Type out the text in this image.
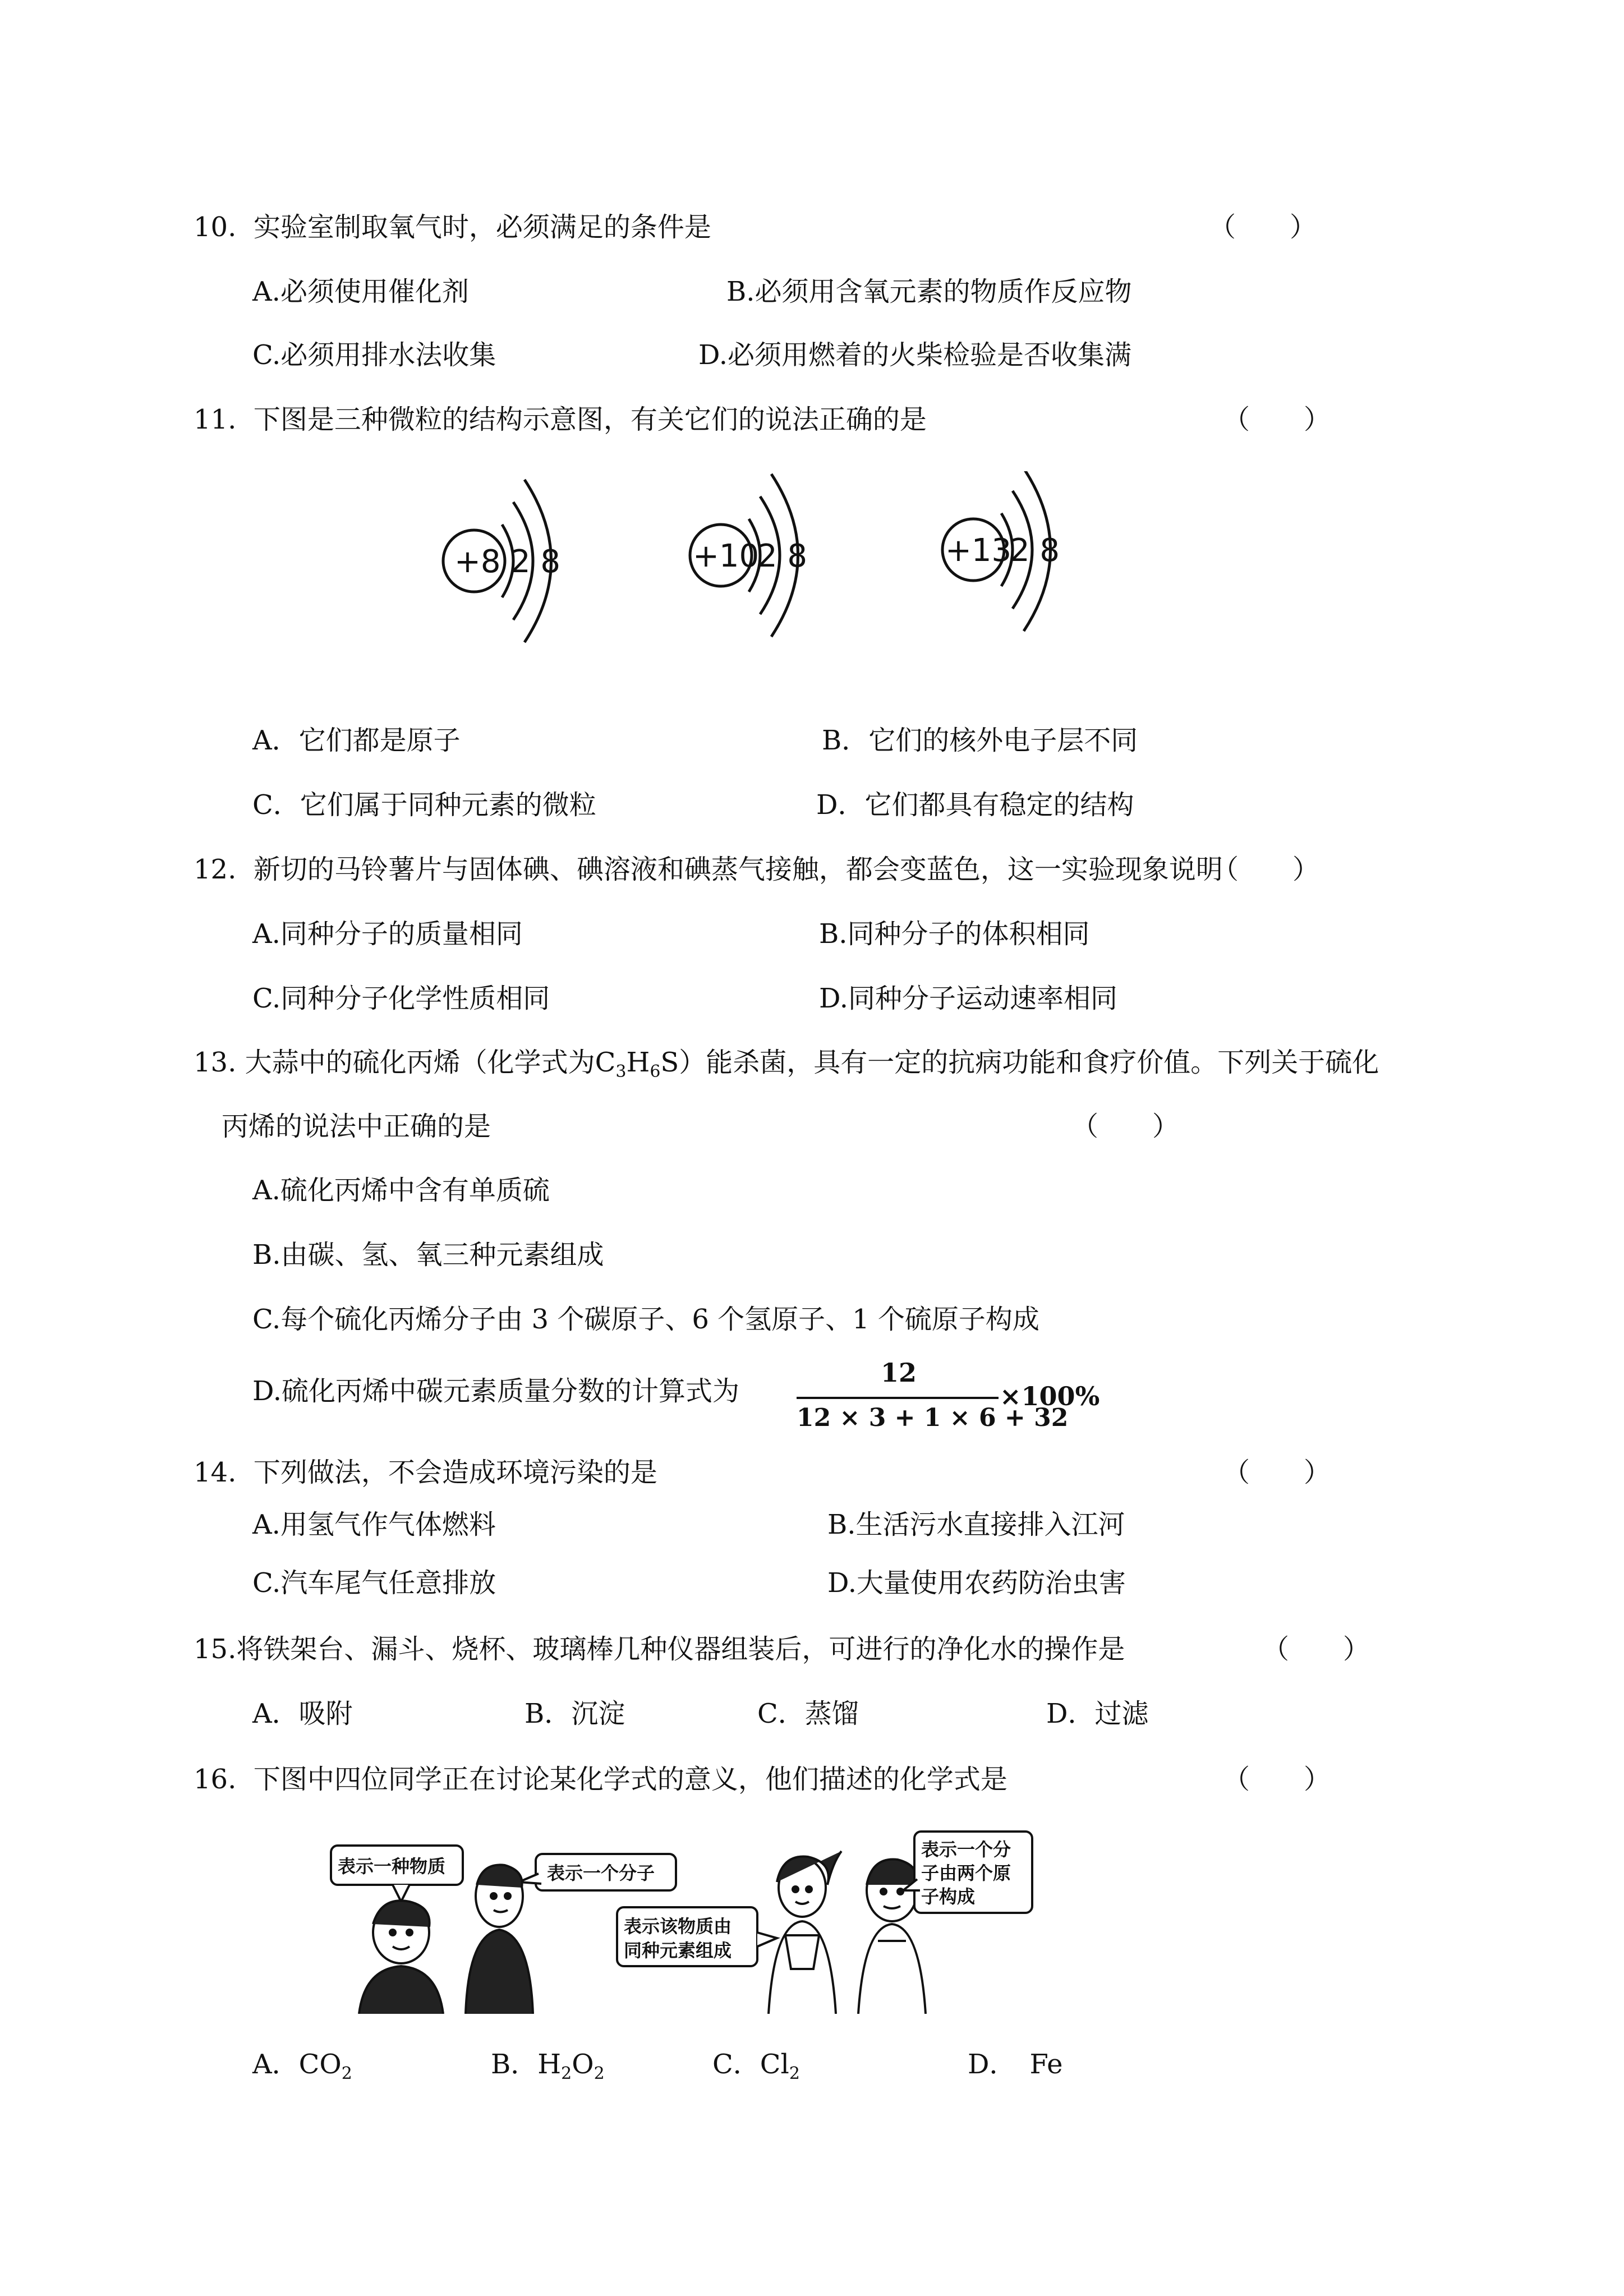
10. 实验室制取氧气时，必须满足的条件是	（　　）
A.必须使用催化剂	B.必须用含氧元素的物质作反应物
C.必须用排水法收集	D.必须用燃着的火柴检验是否收集满
11. 下图是三种微粒的结构示意图，有关它们的说法正确的是	（　　）
+8 2 8	+10
2 8	+13
2 8
A．它们都是原子	B．它们的核外电子层不同
C．它们属于同种元素的微粒	D．它们都具有稳定的结构
12. 新切的马铃薯片与固体碘、碘溶液和碘蒸气接触，都会变蓝色，这一实验现象说明
（　　）
A.同种分子的质量相同	B.同种分子的体积相同
C.同种分子化学性质相同	D.同种分子运动速率相同
13. 大蒜中的硫化丙烯（化学式为$C_3H_6S$）能杀菌，具有一定的抗病功能和食疗价值。下列关于硫化
丙烯的说法中正确的是	（　　）
A.硫化丙烯中含有单质硫
B.由碳、氢、氧三种元素组成
C.每个硫化丙烯分子由 3 个碳原子、6 个氢原子、1 个硫原子构成
D.硫化丙烯中碳元素质量分数的计算式为
12
12 × 3 + 1 × 6 + 32
×100%
14. 下列做法，不会造成环境污染的是	（　　）
A.用氢气作气体燃料	B.生活污水直接排入江河
C.汽车尾气任意排放	D.大量使用农药防治虫害
15.将铁架台、漏斗、烧杯、玻璃棒几种仪器组装后，可进行的净化水的操作是	（　　）
A．吸附	B．沉淀	C．蒸馏	D．过滤
16. 下图中四位同学正在讨论某化学式的意义，他们描述的化学式是	（　　）
表示一种物质	表示一个分子
表示该物质由
同种元素组成
表示一个分
子由两个原
子构成
A．$CO_2$	B．$H_2O_2$	C．$Cl_2$	D．　Fe
